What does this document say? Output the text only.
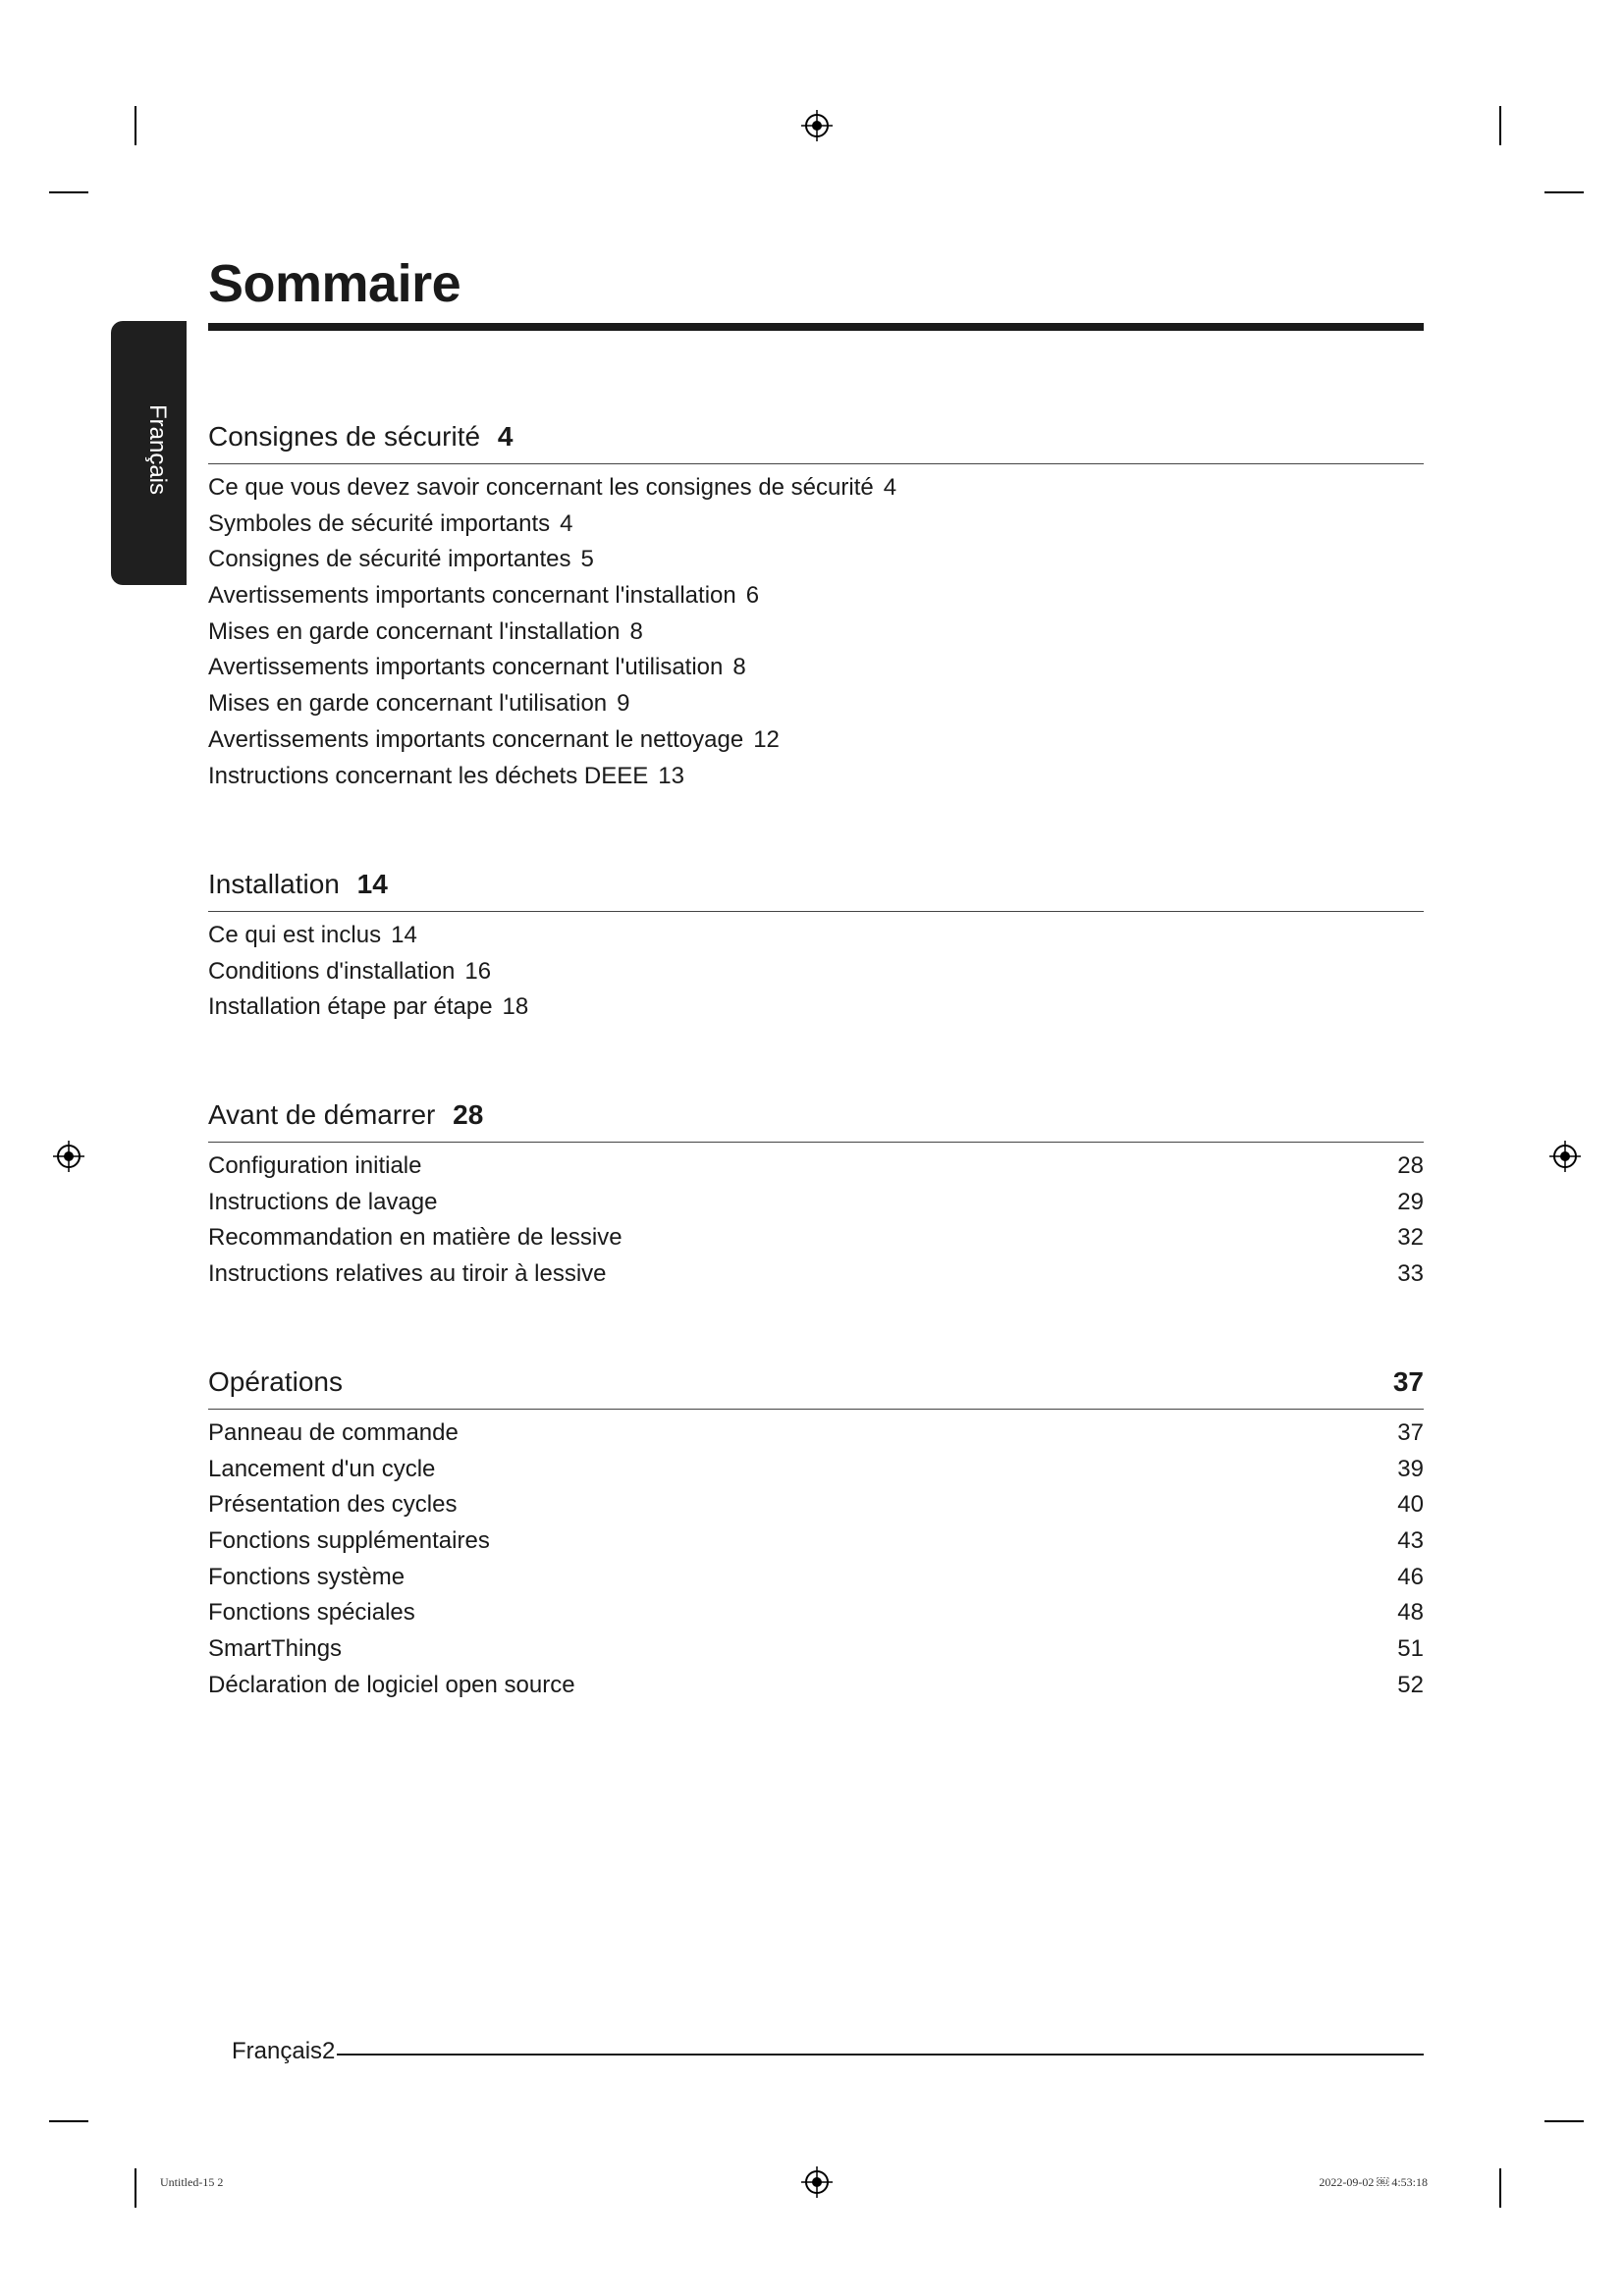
Français
Sommaire
Consignes de sécurité 4
Ce que vous devez savoir concernant les consignes de sécurité 4
Symboles de sécurité importants 4
Consignes de sécurité importantes 5
Avertissements importants concernant l'installation 6
Mises en garde concernant l'installation 8
Avertissements importants concernant l'utilisation 8
Mises en garde concernant l'utilisation 9
Avertissements importants concernant le nettoyage 12
Instructions concernant les déchets DEEE 13
Installation 14
Ce qui est inclus 14
Conditions d'installation 16
Installation étape par étape 18
Avant de démarrer 28
Configuration initiale	28
Instructions de lavage	29
Recommandation en matière de lessive	32
Instructions relatives au tiroir à lessive	33
Opérations	37
Panneau de commande	37
Lancement d'un cycle	39
Présentation des cycles	40
Fonctions supplémentaires	43
Fonctions système	46
Fonctions spéciales	48
SmartThings	51
Déclaration de logiciel open source	52
Français2
Untitled-15 2	2022-09-02 ￼ 4:53:18
